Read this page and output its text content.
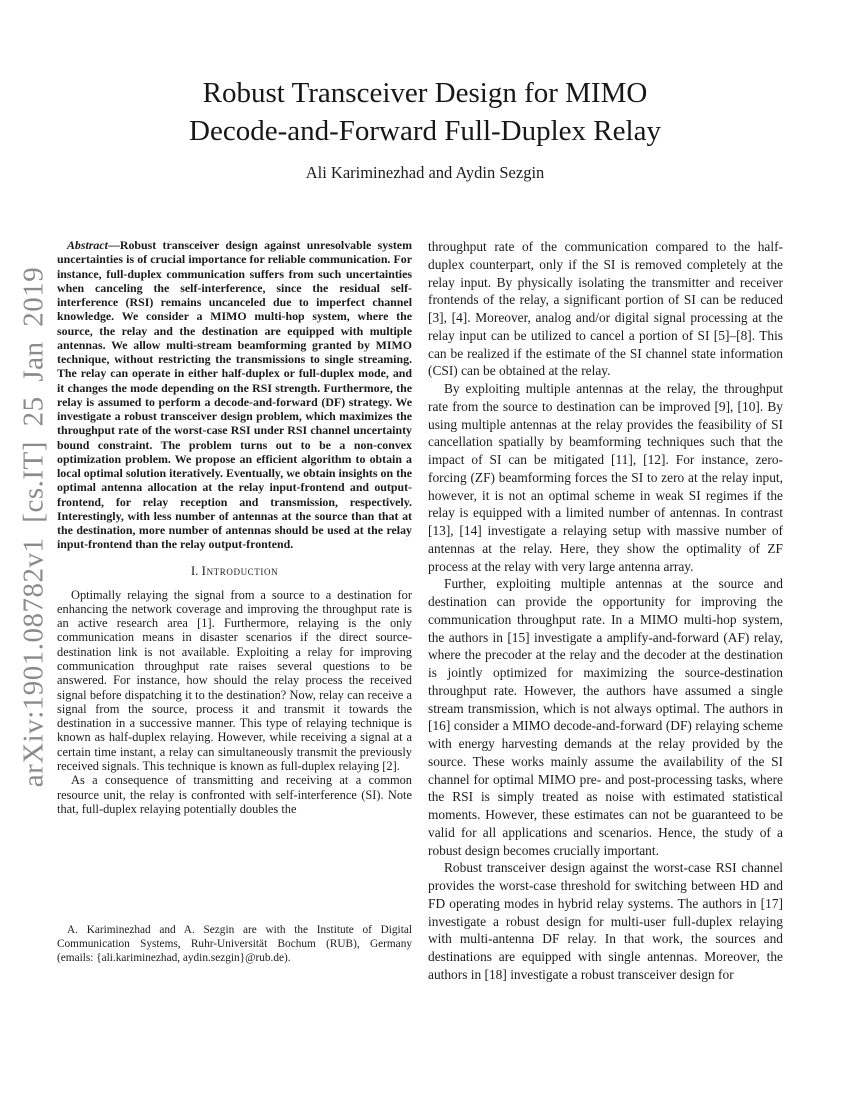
arXiv:1901.08782v1 [cs.IT] 25 Jan 2019
Robust Transceiver Design for MIMO
Decode-and-Forward Full-Duplex Relay
Ali Kariminezhad and Aydin Sezgin

Abstract—Robust transceiver design against unresolvable system uncertainties is of crucial importance for reliable communication. For instance, full-duplex communication suffers from such uncertainties when canceling the self-interference, since the residual self-interference (RSI) remains uncanceled due to imperfect channel knowledge. We consider a MIMO multi-hop system, where the source, the relay and the destination are equipped with multiple antennas. We allow multi-stream beamforming granted by MIMO technique, without restricting the transmissions to single streaming. The relay can operate in either half-duplex or full-duplex mode, and it changes the mode depending on the RSI strength. Furthermore, the relay is assumed to perform a decode-and-forward (DF) strategy. We investigate a robust transceiver design problem, which maximizes the throughput rate of the worst-case RSI under RSI channel uncertainty bound constraint. The problem turns out to be a non-convex optimization problem. We propose an efficient algorithm to obtain a local optimal solution iteratively. Eventually, we obtain insights on the optimal antenna allocation at the relay input-frontend and output-frontend, for relay reception and transmission, respectively. Interestingly, with less number of antennas at the source than that at the destination, more number of antennas should be used at the relay input-frontend than the relay output-frontend.

I. Introduction

Optimally relaying the signal from a source to a destination for enhancing the network coverage and improving the throughput rate is an active research area [1]. Furthermore, relaying is the only communication means in disaster scenarios if the direct source-destination link is not available. Exploiting a relay for improving communication throughput rate raises several questions to be answered. For instance, how should the relay process the received signal before dispatching it to the destination? Now, relay can receive a signal from the source, process it and transmit it towards the destination in a successive manner. This type of relaying technique is known as half-duplex relaying. However, while receiving a signal at a certain time instant, a relay can simultaneously transmit the previously received signals. This technique is known as full-duplex relaying [2].

As a consequence of transmitting and receiving at a common resource unit, the relay is confronted with self-interference (SI). Note that, full-duplex relaying potentially doubles the

A. Kariminezhad and A. Sezgin are with the Institute of Digital Communication Systems, Ruhr-Universität Bochum (RUB), Germany (emails: {ali.kariminezhad, aydin.sezgin}@rub.de).

throughput rate of the communication compared to the half-duplex counterpart, only if the SI is removed completely at the relay input. By physically isolating the transmitter and receiver frontends of the relay, a significant portion of SI can be reduced [3], [4]. Moreover, analog and/or digital signal processing at the relay input can be utilized to cancel a portion of SI [5]–[8]. This can be realized if the estimate of the SI channel state information (CSI) can be obtained at the relay.

By exploiting multiple antennas at the relay, the throughput rate from the source to destination can be improved [9], [10]. By using multiple antennas at the relay provides the feasibility of SI cancellation spatially by beamforming techniques such that the impact of SI can be mitigated [11], [12]. For instance, zero-forcing (ZF) beamforming forces the SI to zero at the relay input, however, it is not an optimal scheme in weak SI regimes if the relay is equipped with a limited number of antennas. In contrast [13], [14] investigate a relaying setup with massive number of antennas at the relay. Here, they show the optimality of ZF process at the relay with very large antenna array.

Further, exploiting multiple antennas at the source and destination can provide the opportunity for improving the communication throughput rate. In a MIMO multi-hop system, the authors in [15] investigate a amplify-and-forward (AF) relay, where the precoder at the relay and the decoder at the destination is jointly optimized for maximizing the source-destination throughput rate. However, the authors have assumed a single stream transmission, which is not always optimal. The authors in [16] consider a MIMO decode-and-forward (DF) relaying scheme with energy harvesting demands at the relay provided by the source. These works mainly assume the availability of the SI channel for optimal MIMO pre- and post-processing tasks, where the RSI is simply treated as noise with estimated statistical moments. However, these estimates can not be guaranteed to be valid for all applications and scenarios. Hence, the study of a robust design becomes crucially important.

Robust transceiver design against the worst-case RSI channel provides the worst-case threshold for switching between HD and FD operating modes in hybrid relay systems. The authors in [17] investigate a robust design for multi-user full-duplex relaying with multi-antenna DF relay. In that work, the sources and destinations are equipped with single antennas. Moreover, the authors in [18] investigate a robust transceiver design for
